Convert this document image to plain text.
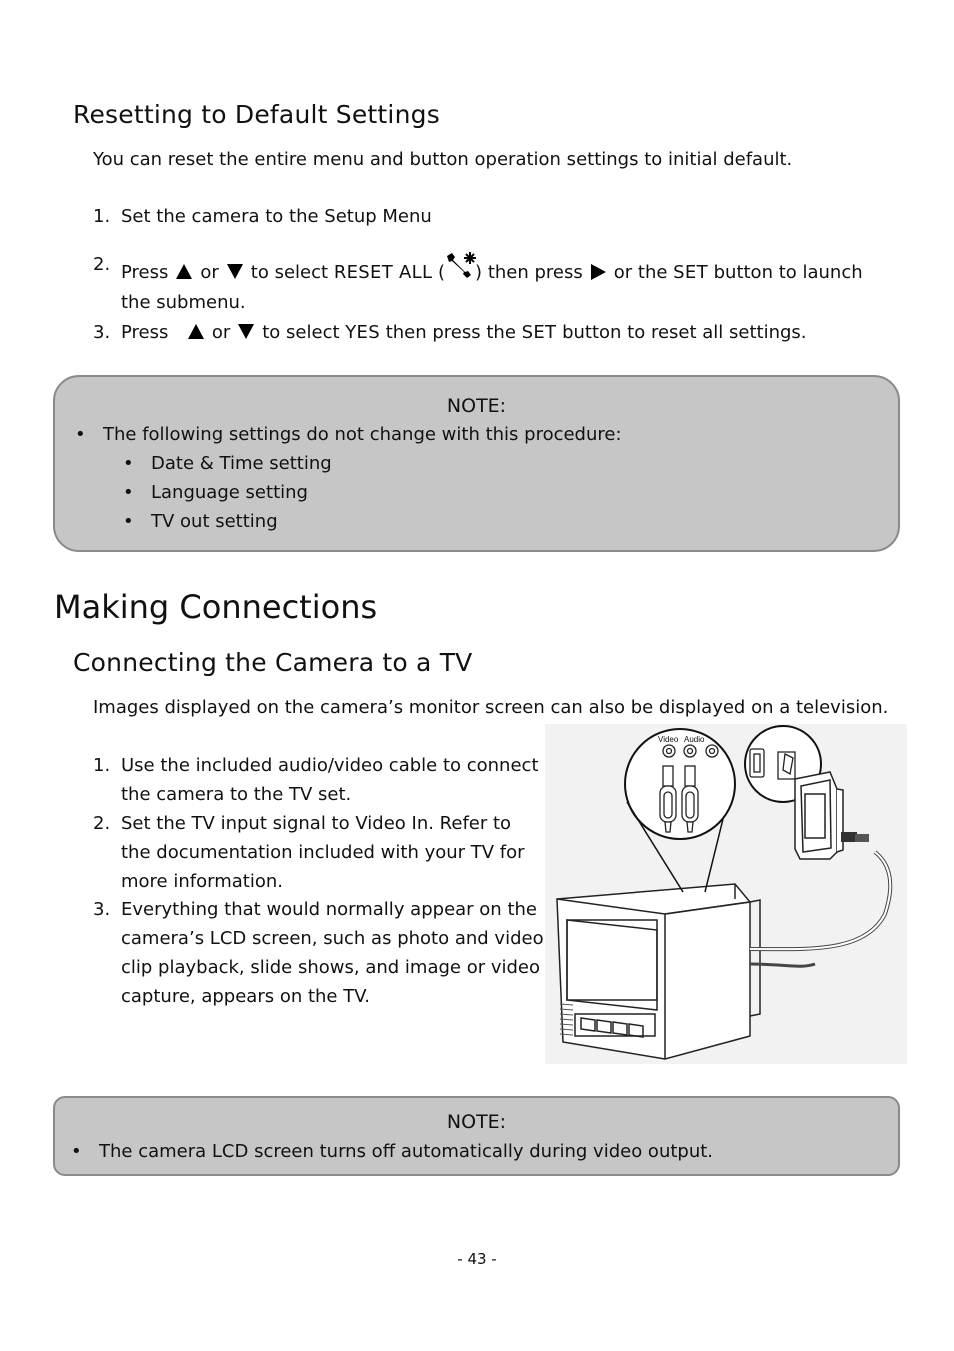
Resetting to Default Settings
You can reset the entire menu and button operation settings to initial default.
1. Set the camera to the Setup Menu
2. Press or to select RESET ALL ( ) then press or the SET button to launch
the submenu.
3. Press or to select YES then press the SET button to reset all settings.
NOTE:
• The following settings do not change with this procedure:
• Date & Time setting
• Language setting
• TV out setting
Making Connections
Connecting the Camera to a TV
Images displayed on the camera’s monitor screen can also be displayed on a television.
1. Use the included audio/video cable to connect
the camera to the TV set.
2. Set the TV input signal to Video In. Refer to
the documentation included with your TV for
more information.
3. Everything that would normally appear on the
camera’s LCD screen, such as photo and video
clip playback, slide shows, and image or video
capture, appears on the TV.
Video Audio
NOTE:
• The camera LCD screen turns off automatically during video output.
- 43 -
